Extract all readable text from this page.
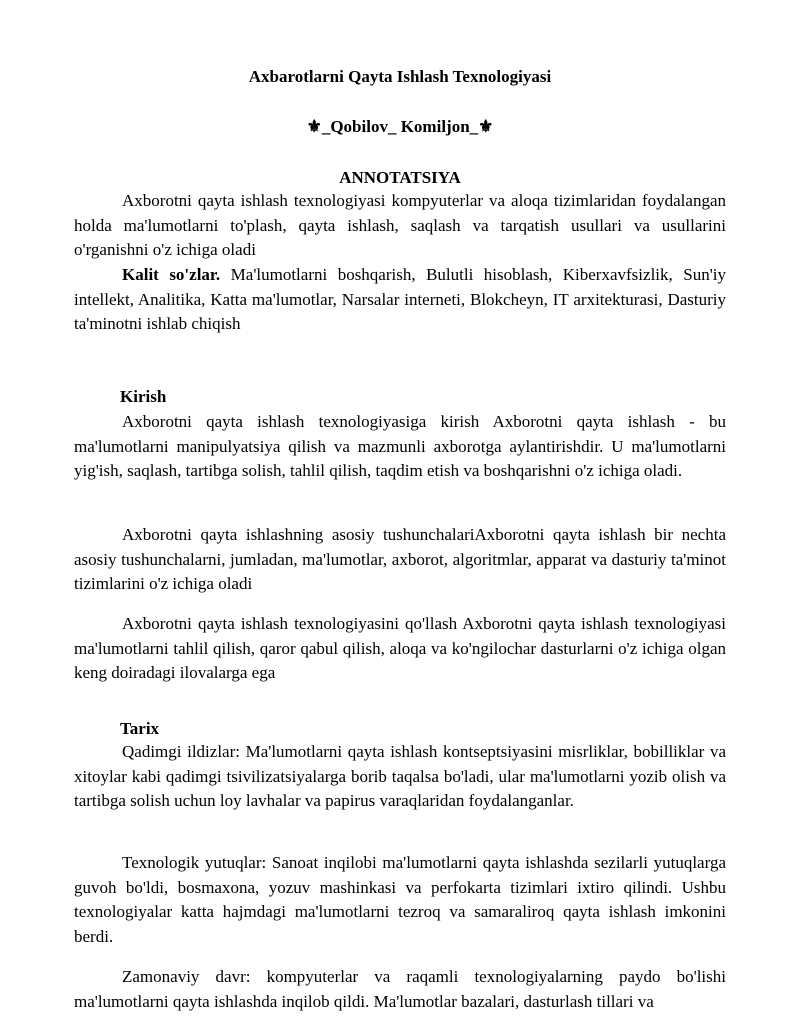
Axbarotlarni Qayta Ishlash Texnologiyasi
⚜_Qobilov_ Komiljon_⚜
ANNOTATSIYA

Axborotni qayta ishlash texnologiyasi kompyuterlar va aloqa tizimlaridan foydalangan holda ma'lumotlarni to'plash, qayta ishlash, saqlash va tarqatish usullari va usullarini o'rganishni o'z ichiga oladi

Kalit so'zlar. Ma'lumotlarni boshqarish, Bulutli hisoblash, Kiberxavfsizlik, Sun'iy intellekt, Analitika, Katta ma'lumotlar, Narsalar interneti, Blokcheyn, IT arxitekturasi, Dasturiy ta'minotni ishlab chiqish

Kirish

Axborotni qayta ishlash texnologiyasiga kirish Axborotni qayta ishlash - bu ma'lumotlarni manipulyatsiya qilish va mazmunli axborotga aylantirishdir. U ma'lumotlarni yig'ish, saqlash, tartibga solish, tahlil qilish, taqdim etish va boshqarishni o'z ichiga oladi.

Axborotni qayta ishlashning asosiy tushunchalariAxborotni qayta ishlash bir nechta asosiy tushunchalarni, jumladan, ma'lumotlar, axborot, algoritmlar, apparat va dasturiy ta'minot tizimlarini o'z ichiga oladi

Axborotni qayta ishlash texnologiyasini qo'llash Axborotni qayta ishlash texnologiyasi ma'lumotlarni tahlil qilish, qaror qabul qilish, aloqa va ko'ngilochar dasturlarni o'z ichiga olgan keng doiradagi ilovalarga ega

Tarix

Qadimgi ildizlar: Ma'lumotlarni qayta ishlash kontseptsiyasini misrliklar, bobilliklar va xitoylar kabi qadimgi tsivilizatsiyalarga borib taqalsa bo'ladi, ular ma'lumotlarni yozib olish va tartibga solish uchun loy lavhalar va papirus varaqlaridan foydalanganlar.

Texnologik yutuqlar: Sanoat inqilobi ma'lumotlarni qayta ishlashda sezilarli yutuqlarga guvoh bo'ldi, bosmaxona, yozuv mashinkasi va perfokarta tizimlari ixtiro qilindi. Ushbu texnologiyalar katta hajmdagi ma'lumotlarni tezroq va samaraliroq qayta ishlash imkonini berdi.

Zamonaviy davr: kompyuterlar va raqamli texnologiyalarning paydo bo'lishi ma'lumotlarni qayta ishlashda inqilob qildi. Ma'lumotlar bazalari, dasturlash tillari va
